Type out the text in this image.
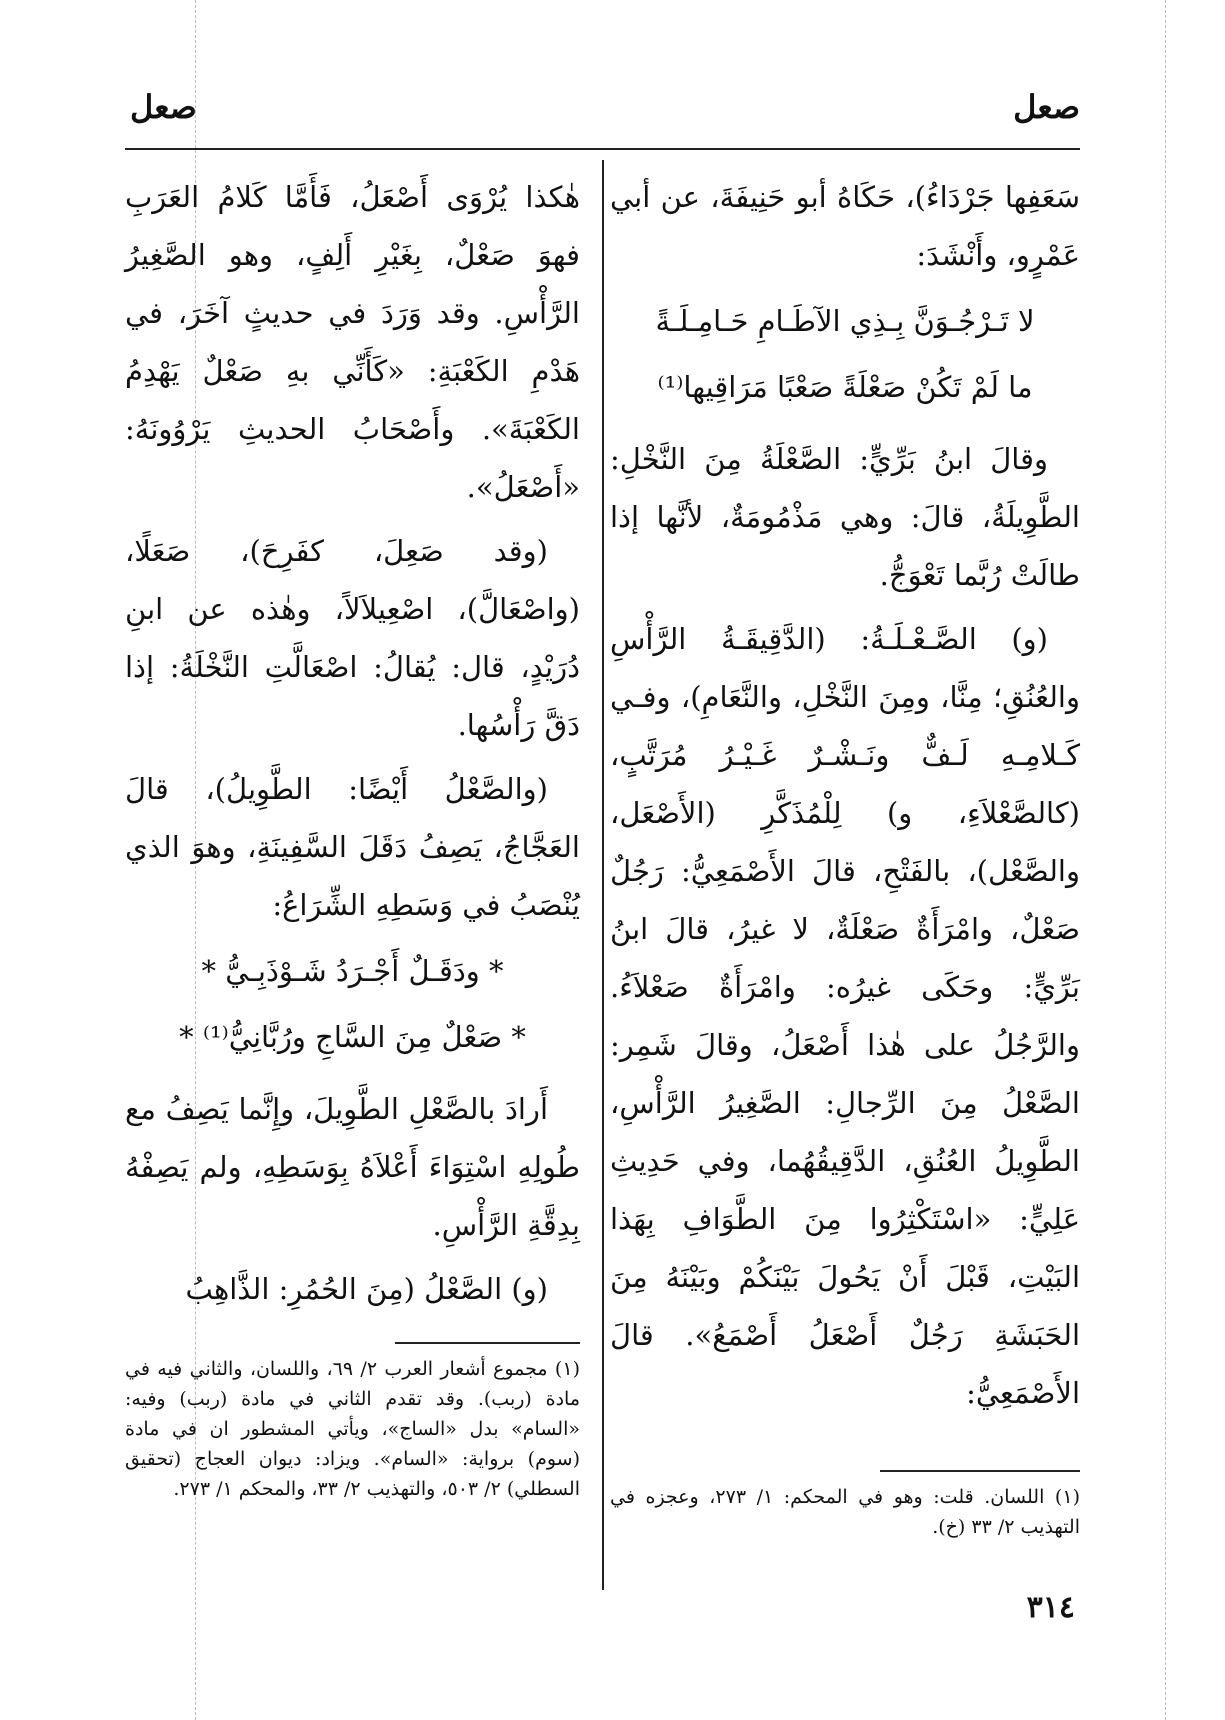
صعل
صعل

سَعَفِها جَرْدَاءُ)، حَكَاهُ أبو حَنِيفَةَ، عن أبي عَمْرٍو، وأَنْشَدَ:

لا تَـرْجُـوَنَّ بِـذِي الآطَـامِ حَـامِـلَـةً
ما لَمْ تَكُنْ صَعْلَةً صَعْبًا مَرَاقِيها⁽¹⁾

وقالَ ابنُ بَرِّيٍّ: الصَّعْلَةُ مِنَ النَّخْلِ: الطَّوِيلَةُ، قالَ: وهي مَذْمُومَةٌ، لأنَّها إذا طالَتْ رُبَّما تَعْوَجُّ.

(و) الصَّـعْـلَـةُ: (الدَّقِيقَـةُ الرَّأْسِ والعُنُقِ؛ مِنَّا، ومِنَ النَّخْلِ، والنَّعَامِ)، وفـي كَـلامِـهِ لَـفٌّ ونَـشْـرٌ غَـيْـرُ مُرَتَّبٍ،(كالصَّعْلاَءِ، و) لِلْمُذَكَّرِ (الأَصْعَل، والصَّعْل)، بالفَتْحِ، قالَ الأَصْمَعِيُّ: رَجُلٌ صَعْلٌ، وامْرَأَةٌ صَعْلَةٌ، لا غيرُ، قالَ ابنُ بَرِّيٍّ: وحَكَى غيرُه: وامْرَأَةٌ صَعْلاَءُ. والرَّجُلُ على هٰذا أَصْعَلُ، وقالَ شَمِر: الصَّعْلُ مِنَ الرِّجالِ: الصَّغِيرُ الرَّأْسِ، الطَّوِيلُ العُنُقِ، الدَّقِيقُهُما، وفي حَدِيثِ عَلِيٍّ: «اسْتَكْثِرُوا مِنَ الطَّوَافِ بِهَذا البَيْتِ، قَبْلَ أَنْ يَحُولَ بَيْنَكُمْ وبَيْنَهُ مِنَ الحَبَشَةِ رَجُلٌ أَصْعَلُ أَصْمَعُ». قالَ الأَصْمَعِيُّ:

هٰكذا يُرْوَى أَصْعَلُ، فَأَمَّا كَلامُ العَرَبِ فهوَ صَعْلٌ، بِغَيْرِ أَلِفٍ، وهو الصَّغِيرُ الرَّأْسِ. وقد وَرَدَ في حديثٍ آخَرَ، في هَدْمِ الكَعْبَةِ: «كَأَنِّي بهِ صَعْلٌ يَهْدِمُ الكَعْبَةَ». وأَصْحَابُ الحديثِ يَرْوُونَهُ: «أَصْعَلُ».

(وقد صَعِلَ، كفَرِحَ)، صَعَلًا، (واصْعَالَّ)، اصْعِيلاَلاً، وهٰذه عن ابنِ دُرَيْدٍ، قال: يُقالُ: اصْعَالَّتِ النَّخْلَةُ: إذا دَقَّ رَأْسُها.

(والصَّعْلُ أَيْضًا: الطَّوِيلُ)، قالَ العَجَّاجُ، يَصِفُ دَقَلَ السَّفِينَةِ، وهوَ الذي يُنْصَبُ في وَسَطِهِ الشِّرَاعُ:

* ودَقَـلٌ أَجْـرَدُ شَـوْذَبِـيُّ *
* صَعْلٌ مِنَ السَّاجِ ورُبَّانِيُّ⁽¹⁾ *

أَرادَ بالصَّعْلِ الطَّوِيلَ، وإِنَّما يَصِفُ مع طُولِهِ اسْتِوَاءَ أَعْلاَهُ بِوَسَطِهِ، ولم يَصِفْهُ بِدِقَّةِ الرَّأْسِ.

(و) الصَّعْلُ (مِنَ الحُمُرِ: الذَّاهِبُ

(١) اللسان. قلت: وهو في المحكم: ١/ ٢٧٣، وعجزه في التهذيب ٢/ ٣٣ (خ).
(١) مجموع أشعار العرب ٢/ ٦٩، واللسان، والثاني فيه في مادة (ربب). وقد تقدم الثاني في مادة (ربب) وفيه: «السام» بدل «الساج»، ويأتي المشطور ان في مادة (سوم) برواية: «السام». ويزاد: ديوان العجاج (تحقيق السطلي) ٢/ ٥٠٣، والتهذيب ٢/ ٣٣، والمحكم ١/ ٢٧٣.
٣١٤
